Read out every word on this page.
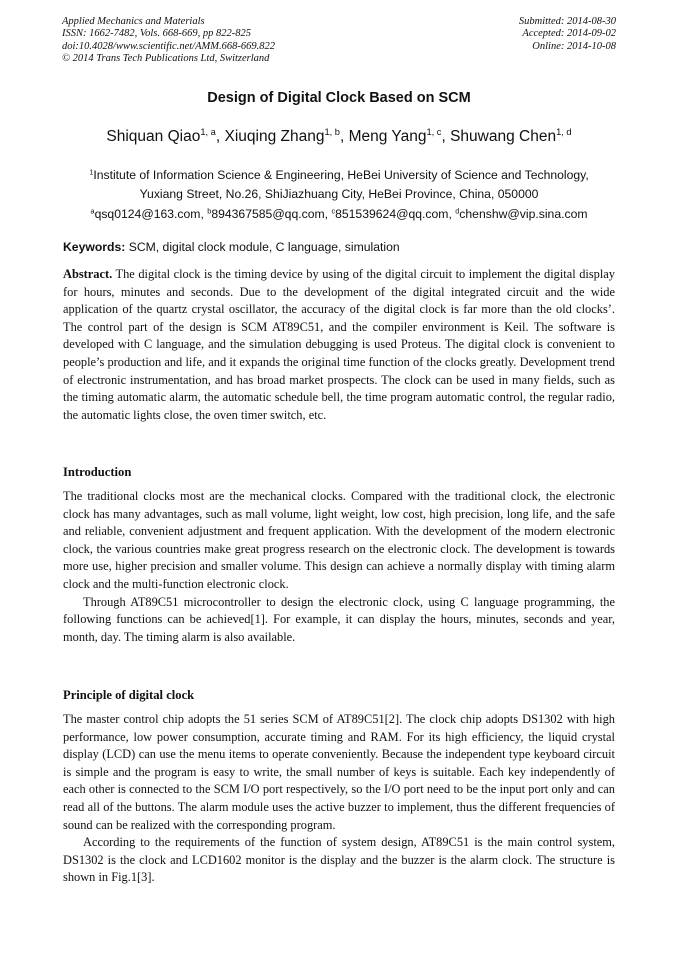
Applied Mechanics and Materials
ISSN: 1662-7482, Vols. 668-669, pp 822-825
doi:10.4028/www.scientific.net/AMM.668-669.822
© 2014 Trans Tech Publications Ltd, Switzerland
Submitted: 2014-08-30
Accepted: 2014-09-02
Online: 2014-10-08
Design of Digital Clock Based on SCM
Shiquan Qiao$^{1, a}$, Xiuqing Zhang$^{1, b}$, Meng Yang$^{1, c}$, Shuwang Chen$^{1, d}$
$^1$Institute of Information Science & Engineering, HeBei University of Science and Technology,
Yuxiang Street, No.26, ShiJiazhuang City, HeBei Province, China, 050000
$^a$qsq0124@163.com, $^b$894367585@qq.com, $^c$851539624@qq.com, $^d$chenshw@vip.sina.com
Keywords: SCM, digital clock module, C language, simulation

Abstract. The digital clock is the timing device by using of the digital circuit to implement the digital display for hours, minutes and seconds. Due to the development of the digital integrated circuit and the wide application of the quartz crystal oscillator, the accuracy of the digital clock is far more than the old clocks’. The control part of the design is SCM AT89C51, and the compiler environment is Keil. The software is developed with C language, and the simulation debugging is used Proteus. The digital clock is convenient to people’s production and life, and it expands the original time function of the clocks greatly. Development trend of electronic instrumentation, and has broad market prospects. The clock can be used in many fields, such as the timing automatic alarm, the automatic schedule bell, the time program automatic control, the regular radio, the automatic lights close, the oven timer switch, etc.

Introduction

The traditional clocks most are the mechanical clocks. Compared with the traditional clock, the electronic clock has many advantages, such as mall volume, light weight, low cost, high precision, long life, and the safe and reliable, convenient adjustment and frequent application. With the development of the modern electronic clock, the various countries make great progress research on the electronic clock. The development is towards more use, higher precision and smaller volume. This design can achieve a normally display with timing alarm clock and the multi-function electronic clock.

Through AT89C51 microcontroller to design the electronic clock, using C language programming, the following functions can be achieved[1]. For example, it can display the hours, minutes, seconds and year, month, day. The timing alarm is also available.

Principle of digital clock

The master control chip adopts the 51 series SCM of AT89C51[2]. The clock chip adopts DS1302 with high performance, low power consumption, accurate timing and RAM. For its high efficiency, the liquid crystal display (LCD) can use the menu items to operate conveniently. Because the independent type keyboard circuit is simple and the program is easy to write, the small number of keys is suitable. Each key independently of each other is connected to the SCM I/O port respectively, so the I/O port need to be the input port only and can read all of the buttons. The alarm module uses the active buzzer to implement, thus the different frequencies of sound can be realized with the corresponding program.

According to the requirements of the function of system design, AT89C51 is the main control system, DS1302 is the clock and LCD1602 monitor is the display and the buzzer is the alarm clock. The structure is shown in Fig.1[3].
